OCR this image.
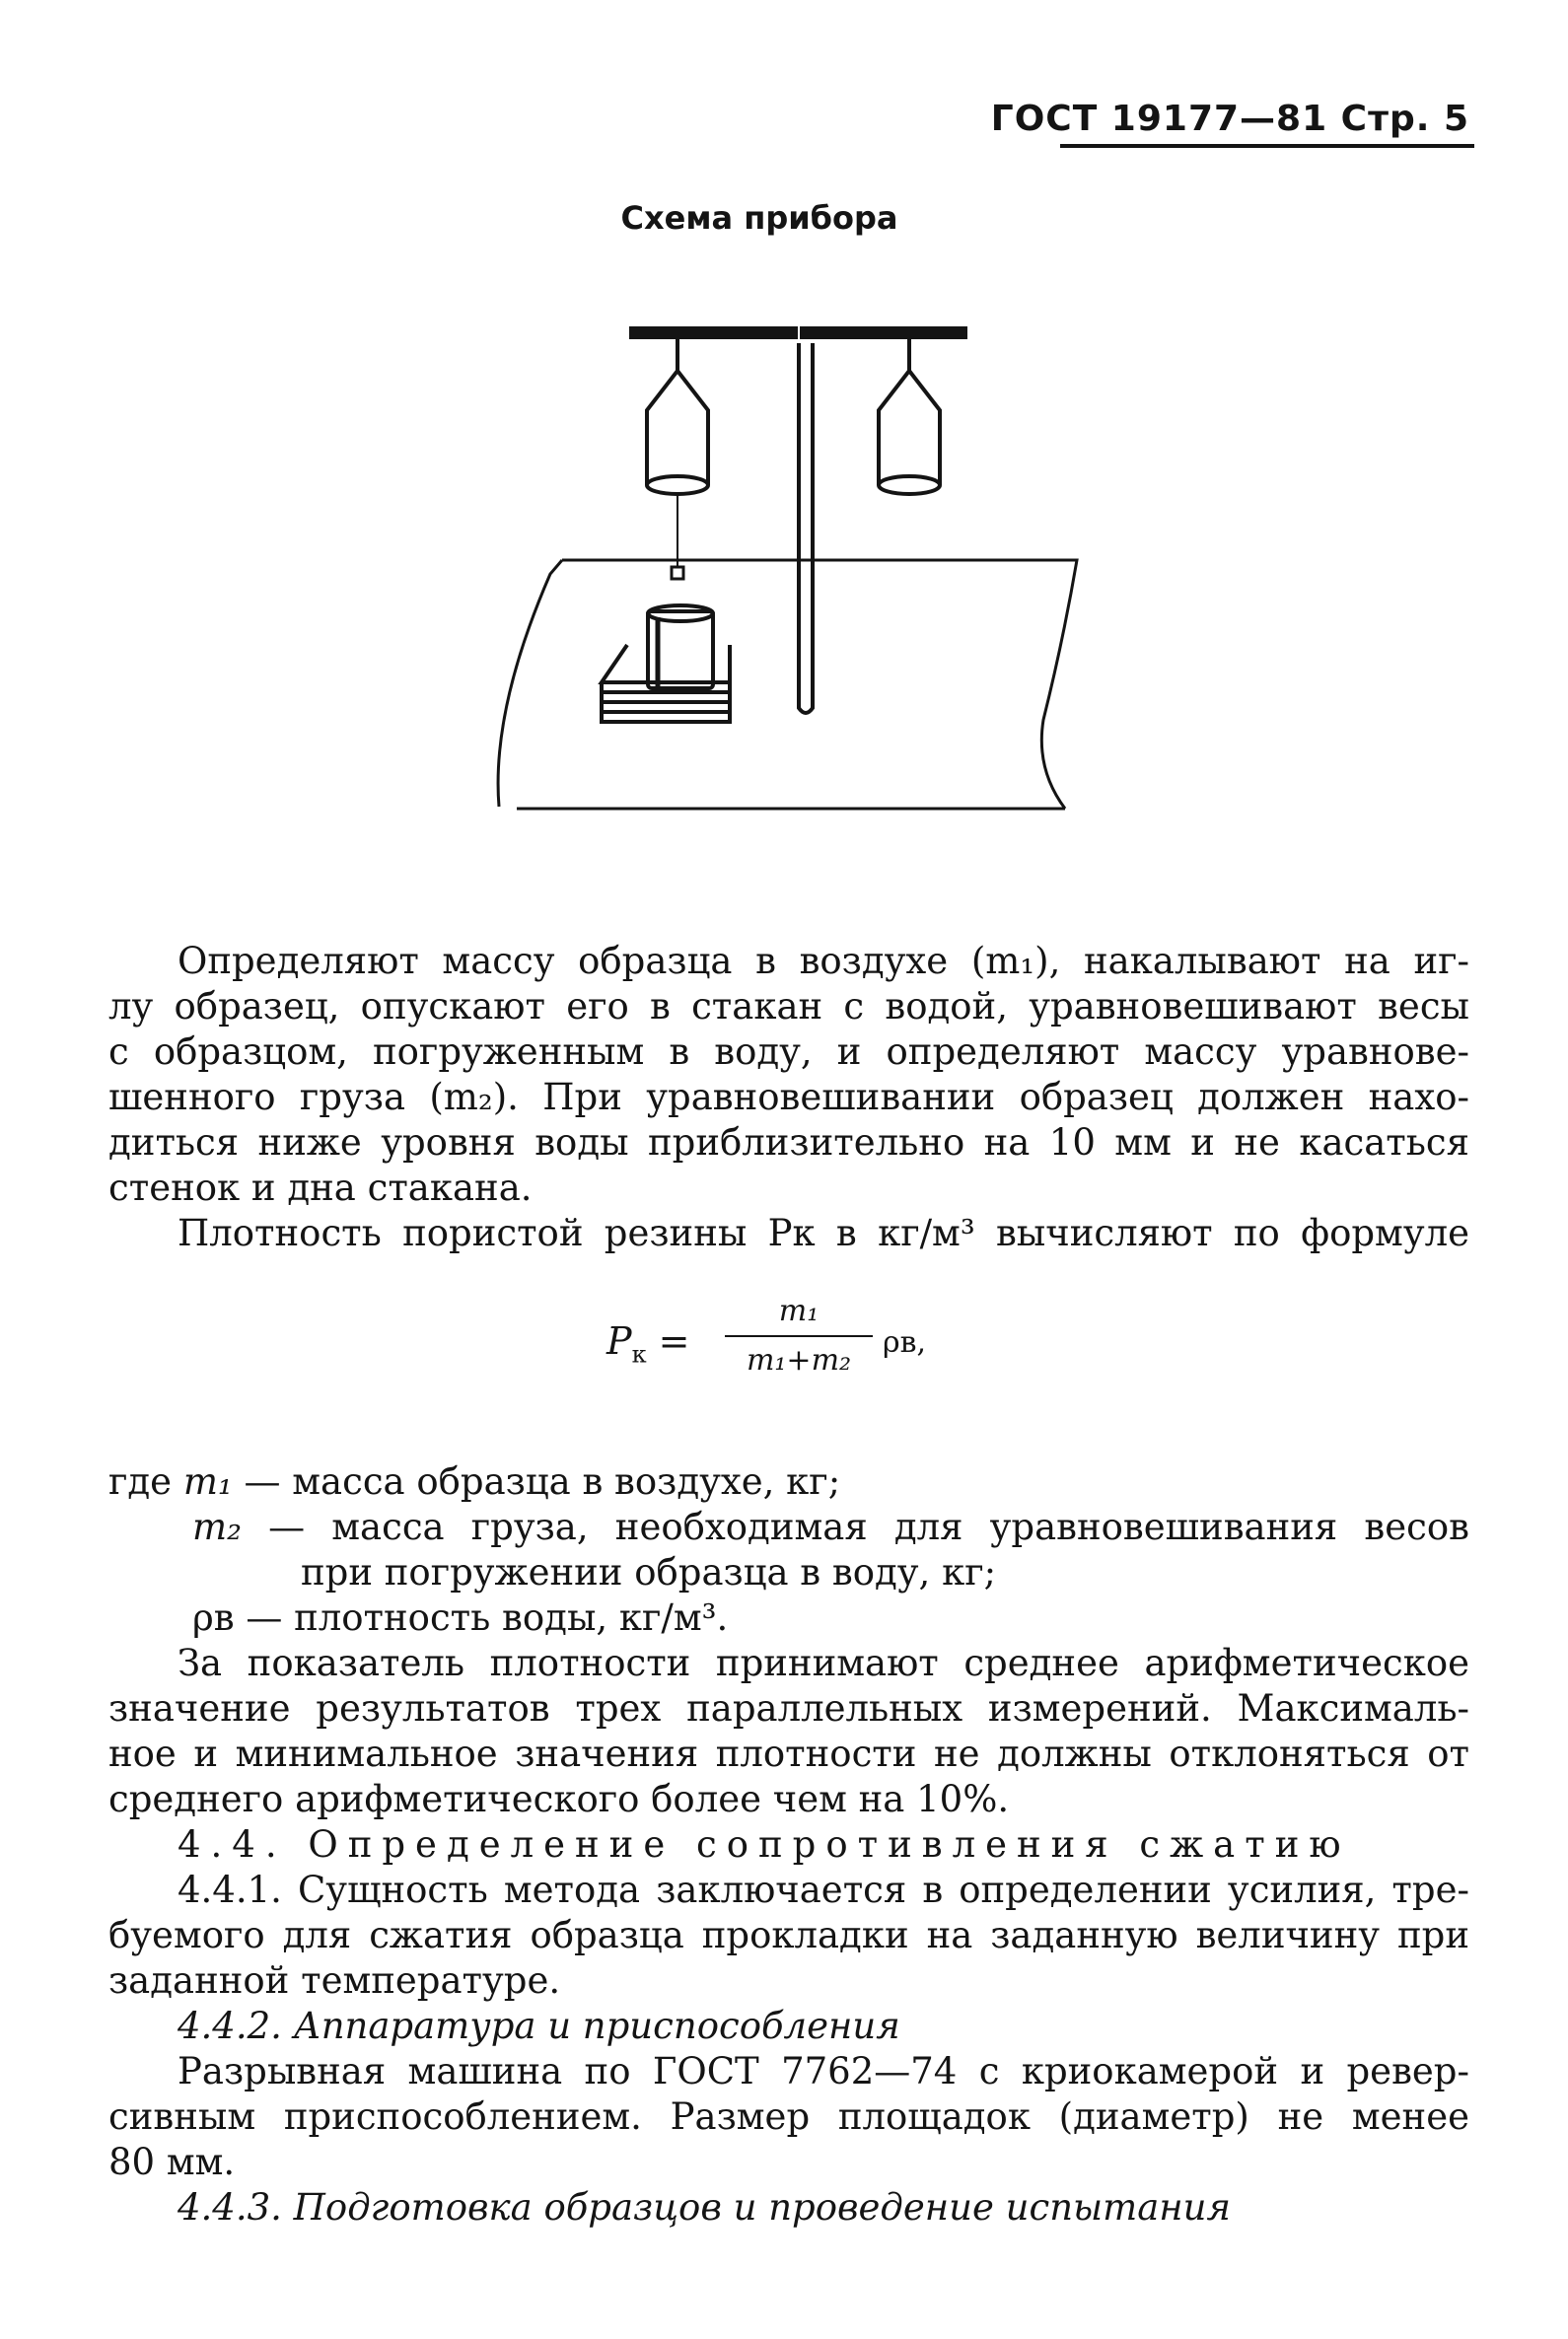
ГОСТ 19177—81 Стр. 5
Схема прибора
Определяют массу образца в воздухе (m₁), накалывают на иг-
лу образец, опускают его в стакан с водой, уравновешивают весы
с образцом, погруженным в воду, и определяют массу уравнове-
шенного груза (m₂). При уравновешивании образец должен нахо-
диться ниже уровня воды приблизительно на 10 мм и не касаться
стенок и дна стакана.
Плотность пористой резины Pк в кг/м³ вычисляют по формуле
$P_к$ =
m₁
m₁+m₂
ρв,
где m₁ — масса образца в воздухе, кг;
m₂ — масса груза, необходимая для уравновешивания весов
при погружении образца в воду, кг;
ρв — плотность воды, кг/м³.
За показатель плотности принимают среднее арифметическое
значение результатов трех параллельных измерений. Максималь-
ное и минимальное значения плотности не должны отклоняться от
среднего арифметического более чем на 10%.
4.4. Определение сопротивления сжатию
4.4.1. Сущность метода заключается в определении усилия, тре-
буемого для сжатия образца прокладки на заданную величину при
заданной температуре.
4.4.2. Аппаратура и приспособления
Разрывная машина по ГОСТ 7762—74 с криокамерой и ревер-
сивным приспособлением. Размер площадок (диаметр) не менее
80 мм.
4.4.3. Подготовка образцов и проведение испытания
